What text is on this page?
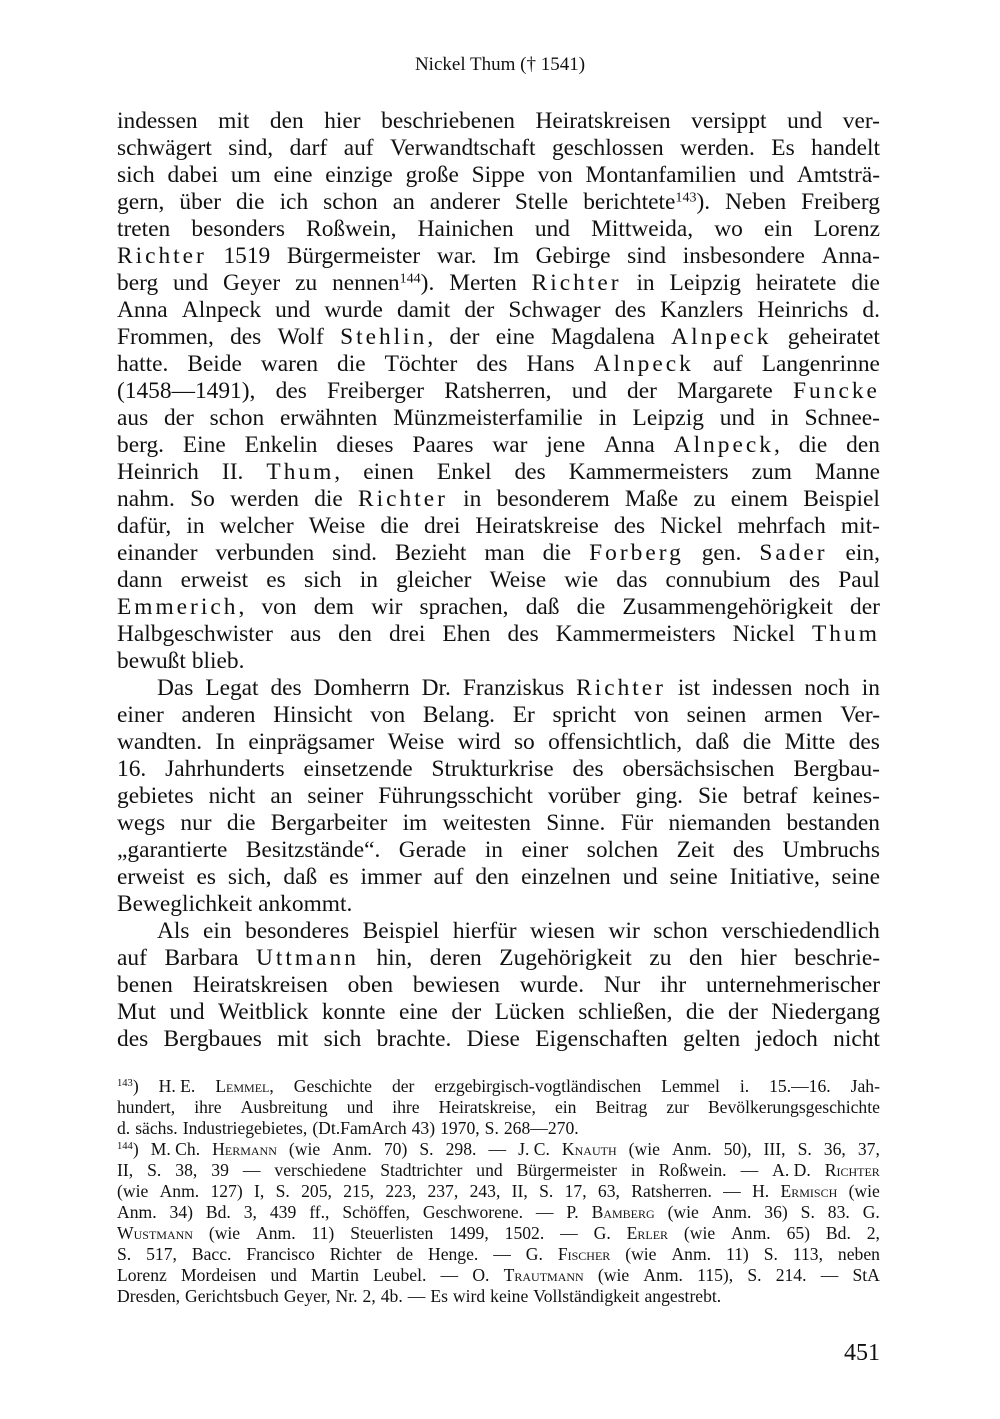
Nickel Thum († 1541)
indessen mit den hier beschriebenen Heiratskreisen versippt und ver-
schwägert sind, darf auf Verwandtschaft geschlossen werden. Es handelt
sich dabei um eine einzige große Sippe von Montanfamilien und Amtsträ-
gern, über die ich schon an anderer Stelle berichtete$^{143}$). Neben Freiberg
treten besonders Roßwein, Hainichen und Mittweida, wo ein Lorenz
Richter 1519 Bürgermeister war. Im Gebirge sind insbesondere Anna-
berg und Geyer zu nennen$^{144}$). Merten Richter in Leipzig heiratete die
Anna Alnpeck und wurde damit der Schwager des Kanzlers Heinrichs d.
Frommen, des Wolf Stehlin, der eine Magdalena Alnpeck geheiratet
hatte. Beide waren die Töchter des Hans Alnpeck auf Langenrinne
(1458—1491), des Freiberger Ratsherren, und der Margarete Funcke
aus der schon erwähnten Münzmeisterfamilie in Leipzig und in Schnee-
berg. Eine Enkelin dieses Paares war jene Anna Alnpeck, die den
Heinrich II. Thum, einen Enkel des Kammermeisters zum Manne
nahm. So werden die Richter in besonderem Maße zu einem Beispiel
dafür, in welcher Weise die drei Heiratskreise des Nickel mehrfach mit-
einander verbunden sind. Bezieht man die Forberg gen. Sader ein,
dann erweist es sich in gleicher Weise wie das connubium des Paul
Emmerich, von dem wir sprachen, daß die Zusammengehörigkeit der
Halbgeschwister aus den drei Ehen des Kammermeisters Nickel Thum
bewußt blieb.
Das Legat des Domherrn Dr. Franziskus Richter ist indessen noch in
einer anderen Hinsicht von Belang. Er spricht von seinen armen Ver-
wandten. In einprägsamer Weise wird so offensichtlich, daß die Mitte des
16. Jahrhunderts einsetzende Strukturkrise des obersächsischen Bergbau-
gebietes nicht an seiner Führungsschicht vorüber ging. Sie betraf keines-
wegs nur die Bergarbeiter im weitesten Sinne. Für niemanden bestanden
„garantierte Besitzstände“. Gerade in einer solchen Zeit des Umbruchs
erweist es sich, daß es immer auf den einzelnen und seine Initiative, seine
Beweglichkeit ankommt.
Als ein besonderes Beispiel hierfür wiesen wir schon verschiedendlich
auf Barbara Uttmann hin, deren Zugehörigkeit zu den hier beschrie-
benen Heiratskreisen oben bewiesen wurde. Nur ihr unternehmerischer
Mut und Weitblick konnte eine der Lücken schließen, die der Niedergang
des Bergbaues mit sich brachte. Diese Eigenschaften gelten jedoch nicht
$^{143}$) H. E. Lemmel, Geschichte der erzgebirgisch-vogtländischen Lemmel i. 15.—16. Jah-
hundert, ihre Ausbreitung und ihre Heiratskreise, ein Beitrag zur Bevölkerungsgeschichte
d. sächs. Industriegebietes, (Dt.FamArch 43) 1970, S. 268—270.
$^{144}$) M. Ch. Hermann (wie Anm. 70) S. 298. — J. C. Knauth (wie Anm. 50), III, S. 36, 37,
II, S. 38, 39 — verschiedene Stadtrichter und Bürgermeister in Roßwein. — A. D. Richter
(wie Anm. 127) I, S. 205, 215, 223, 237, 243, II, S. 17, 63, Ratsherren. — H. Ermisch (wie
Anm. 34) Bd. 3, 439 ff., Schöffen, Geschworene. — P. Bamberg (wie Anm. 36) S. 83. G.
Wustmann (wie Anm. 11) Steuerlisten 1499, 1502. — G. Erler (wie Anm. 65) Bd. 2,
S. 517, Bacc. Francisco Richter de Henge. — G. Fischer (wie Anm. 11) S. 113, neben
Lorenz Mordeisen und Martin Leubel. — O. Trautmann (wie Anm. 115), S. 214. — StA
Dresden, Gerichtsbuch Geyer, Nr. 2, 4b. — Es wird keine Vollständigkeit angestrebt.
451
